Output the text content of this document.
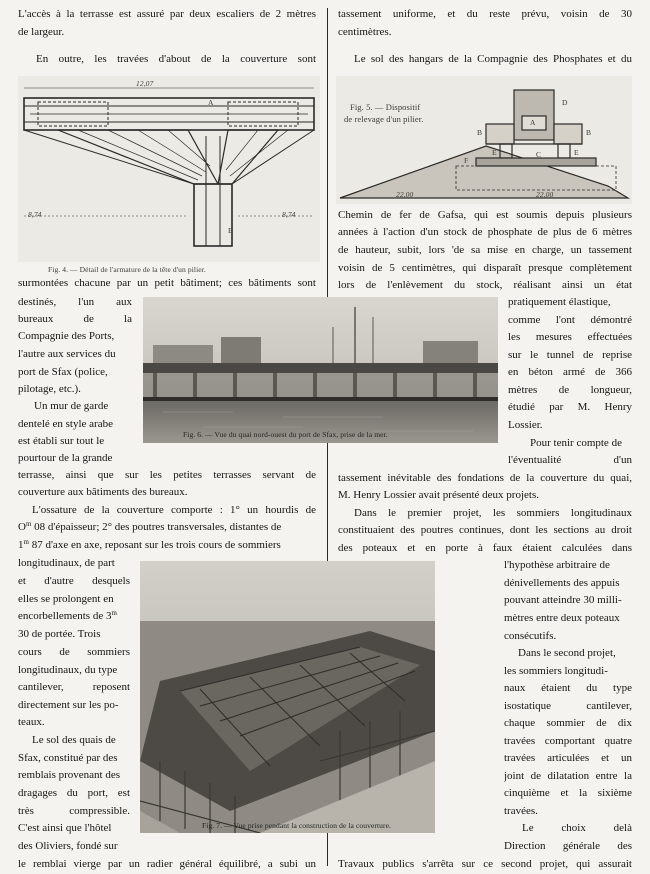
L'accès à la terrasse est assuré par deux escaliers de 2 mètres
de largeur.
En outre, les travées d'about de la couverture sont
12,07
8,74	8,74
B
A
Fig. 4. — Détail de l'armature de la tête d'un pilier.
surmontées chacune par un petit bâtiment; ces bâtiments sont
destinés, l'un aux
bureaux de la
Compagnie des Ports,
l'autre aux services du
port de Sfax (police,
pilotage, etc.).
Un mur de garde
dentelé en style arabe
est établi sur tout le
pourtour de la grande
Fig. 6. — Vue du quai nord-ouest du port de Sfax, prise de la mer.
terrasse, ainsi que sur les petites terrasses servant de
couverture aux bâtiments des bureaux.
L'ossature de la couverture comporte : 1° un hourdis de
$O^m$ 08 d'épaisseur; 2° des poutres transversales, distantes de
1$^m$ 87 d'axe en axe, reposant sur les trois cours de sommiers
longitudinaux, de part
et d'autre desquels
elles se prolongent en
encorbellements de 3$^m$
30 de portée. Trois
cours de sommiers
longitudinaux, du type
cantilever, reposent
directement sur les po-
teaux.
Le sol des quais de
Sfax, constitué par des
remblais provenant des
dragages du port, est
très compressible.
C'est ainsi que l'hôtel
des Oliviers, fondé sur
Fig. 7. — Vue prise pendant la construction de la couverture.
le remblai vierge par un radier général équilibré, a subi un
tassement uniforme, et du reste prévu, voisin de 30
centimètres.
Le sol des hangars de la Compagnie des Phosphates et du
Fig. 5. — Dispositif
de relevage d'un pilier.
B	B
A
D
C
E	E
F
22,00	22,00
Chemin de fer de Gafsa, qui est soumis depuis plusieurs
années à l'action d'un stock de phosphate de plus de 6 mètres
de hauteur, subit, lors 'de sa mise en charge, un tassement
voisin de 5 centimètres, qui disparaît presque complètement
lors de l'enlèvement du stock, réalisant ainsi un état
pratiquement élastique,
comme l'ont démontré
les mesures effectuées
sur le tunnel de reprise
en béton armé de 366
mètres de longueur,
étudié par M. Henry
Lossier.
Pour tenir compte de
l'éventualité d'un
tassement inévitable des fondations de la couverture du quai,
M. Henry Lossier avait présenté deux projets.
Dans le premier projet, les sommiers longitudinaux
constituaient des poutres continues, dont les sections au droit
des poteaux et en porte à faux étaient calculées dans
l'hypothèse arbitraire de
dénivellements des appuis
pouvant atteindre 30 milli-
mètres entre deux poteaux
consécutifs.
Dans le second projet,
les sommiers longitudi-
naux étaient du type
isostatique cantilever,
chaque sommier de dix
travées comportant quatre
travées articulées et un
joint de dilatation entre la
cinquième et la sixième
travées.
Le choix delà
Direction générale des
Travaux publics s'arrêta sur ce second projet, qui assurait
